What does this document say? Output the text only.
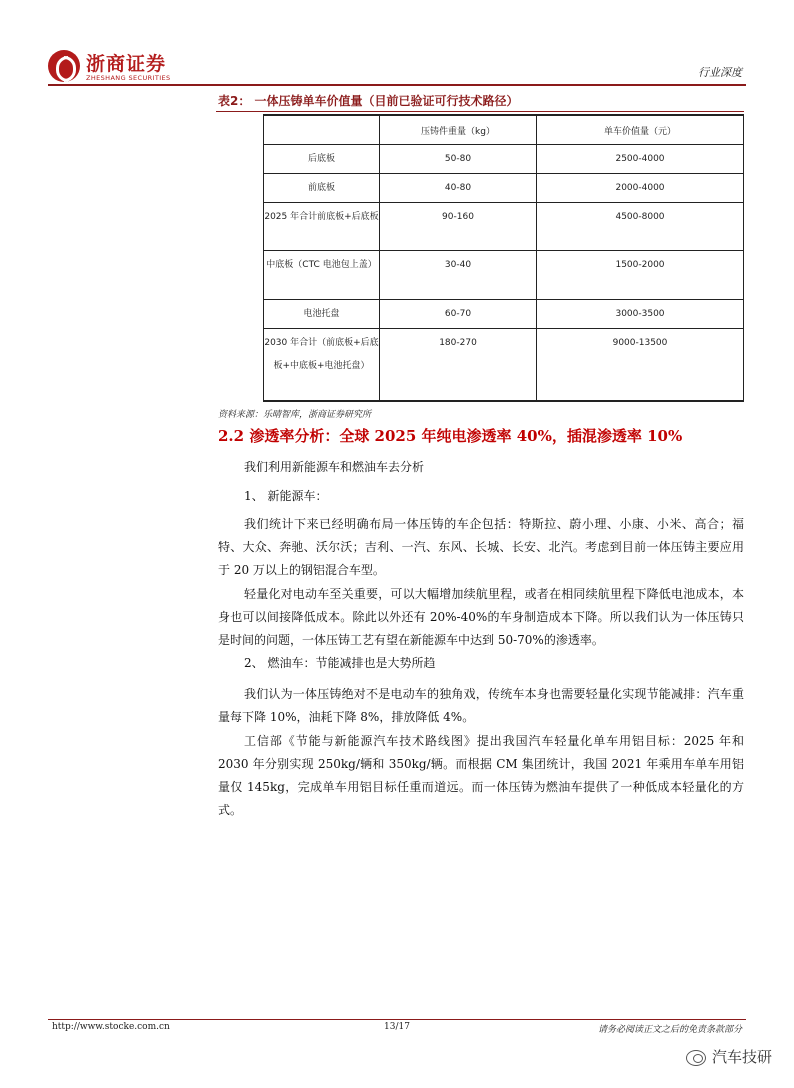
浙商证券
ZHESHANG SECURITIES	行业深度
表2： 一体压铸单车价值量（目前已验证可行技术路径）
	压铸件重量（kg）	单车价值量（元）
后底板	50-80	2500-4000
前底板	40-80	2000-4000
2025 年合计前底板+后底板	90-160	4500-8000
中底板（CTC 电池包上盖）	30-40	1500-2000
电池托盘	60-70	3000-3500
2030 年合计（前底板+后底板+中底板+电池托盘）	180-270	9000-13500
资料来源：乐晴智库，浙商证券研究所
2.2 渗透率分析：全球 2025 年纯电渗透率 40%，插混渗透率 10%
我们利用新能源车和燃油车去分析
1、 新能源车：
我们统计下来已经明确布局一体压铸的车企包括：特斯拉、蔚小理、小康、小米、高合；福特、大众、奔驰、沃尔沃；吉利、一汽、东风、长城、长安、北汽。考虑到目前一体压铸主要应用于 20 万以上的钢铝混合车型。
轻量化对电动车至关重要，可以大幅增加续航里程，或者在相同续航里程下降低电池成本，本身也可以间接降低成本。除此以外还有 20%-40%的车身制造成本下降。所以我们认为一体压铸只是时间的问题，一体压铸工艺有望在新能源车中达到 50-70%的渗透率。
2、 燃油车：节能减排也是大势所趋
我们认为一体压铸绝对不是电动车的独角戏，传统车本身也需要轻量化实现节能减排：汽车重量每下降 10%，油耗下降 8%，排放降低 4%。
工信部《节能与新能源汽车技术路线图》提出我国汽车轻量化单车用铝目标：2025 年和 2030 年分别实现 250kg/辆和 350kg/辆。而根据 CM 集团统计，我国 2021 年乘用车单车用铝量仅 145kg，完成单车用铝目标任重而道远。而一体压铸为燃油车提供了一种低成本轻量化的方式。
http://www.stocke.com.cn	13/17	请务必阅读正文之后的免责条款部分
汽车技研
